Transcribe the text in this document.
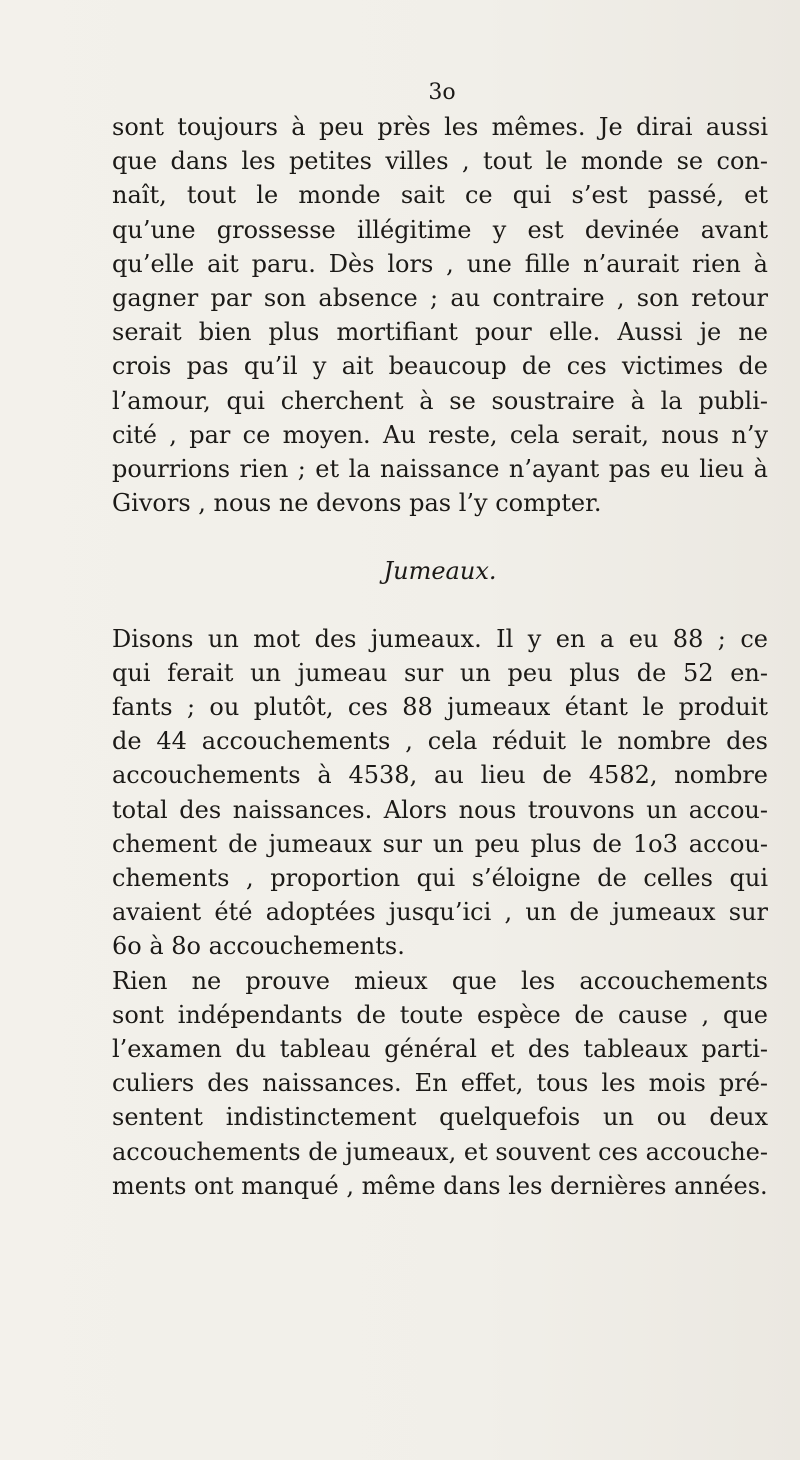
3o
sont toujours à peu près les mêmes. Je dirai aussi
que dans les petites villes , tout le monde se con-
naît, tout le monde sait ce qui s’est passé, et
qu’une grossesse illégitime y est devinée avant
qu’elle ait paru. Dès lors , une fille n’aurait rien à
gagner par son absence ; au contraire , son retour
serait bien plus mortifiant pour elle. Aussi je ne
crois pas qu’il y ait beaucoup de ces victimes de
l’amour, qui cherchent à se soustraire à la publi-
cité , par ce moyen. Au reste, cela serait, nous n’y
pourrions rien ; et la naissance n’ayant pas eu lieu à
Givors , nous ne devons pas l’y compter.
Jumeaux.
Disons un mot des jumeaux. Il y en a eu 88 ; ce
qui ferait un jumeau sur un peu plus de 52 en-
fants ; ou plutôt, ces 88 jumeaux étant le produit
de 44 accouchements , cela réduit le nombre des
accouchements à 4538, au lieu de 4582, nombre
total des naissances. Alors nous trouvons un accou-
chement de jumeaux sur un peu plus de 1o3 accou-
chements , proportion qui s’éloigne de celles qui
avaient été adoptées jusqu’ici , un de jumeaux sur
6o à 8o accouchements.
Rien ne prouve mieux que les accouchements
sont indépendants de toute espèce de cause , que
l’examen du tableau général et des tableaux parti-
culiers des naissances. En effet, tous les mois pré-
sentent indistinctement quelquefois un ou deux
accouchements de jumeaux, et souvent ces accouche-
ments ont manqué , même dans les dernières années.
